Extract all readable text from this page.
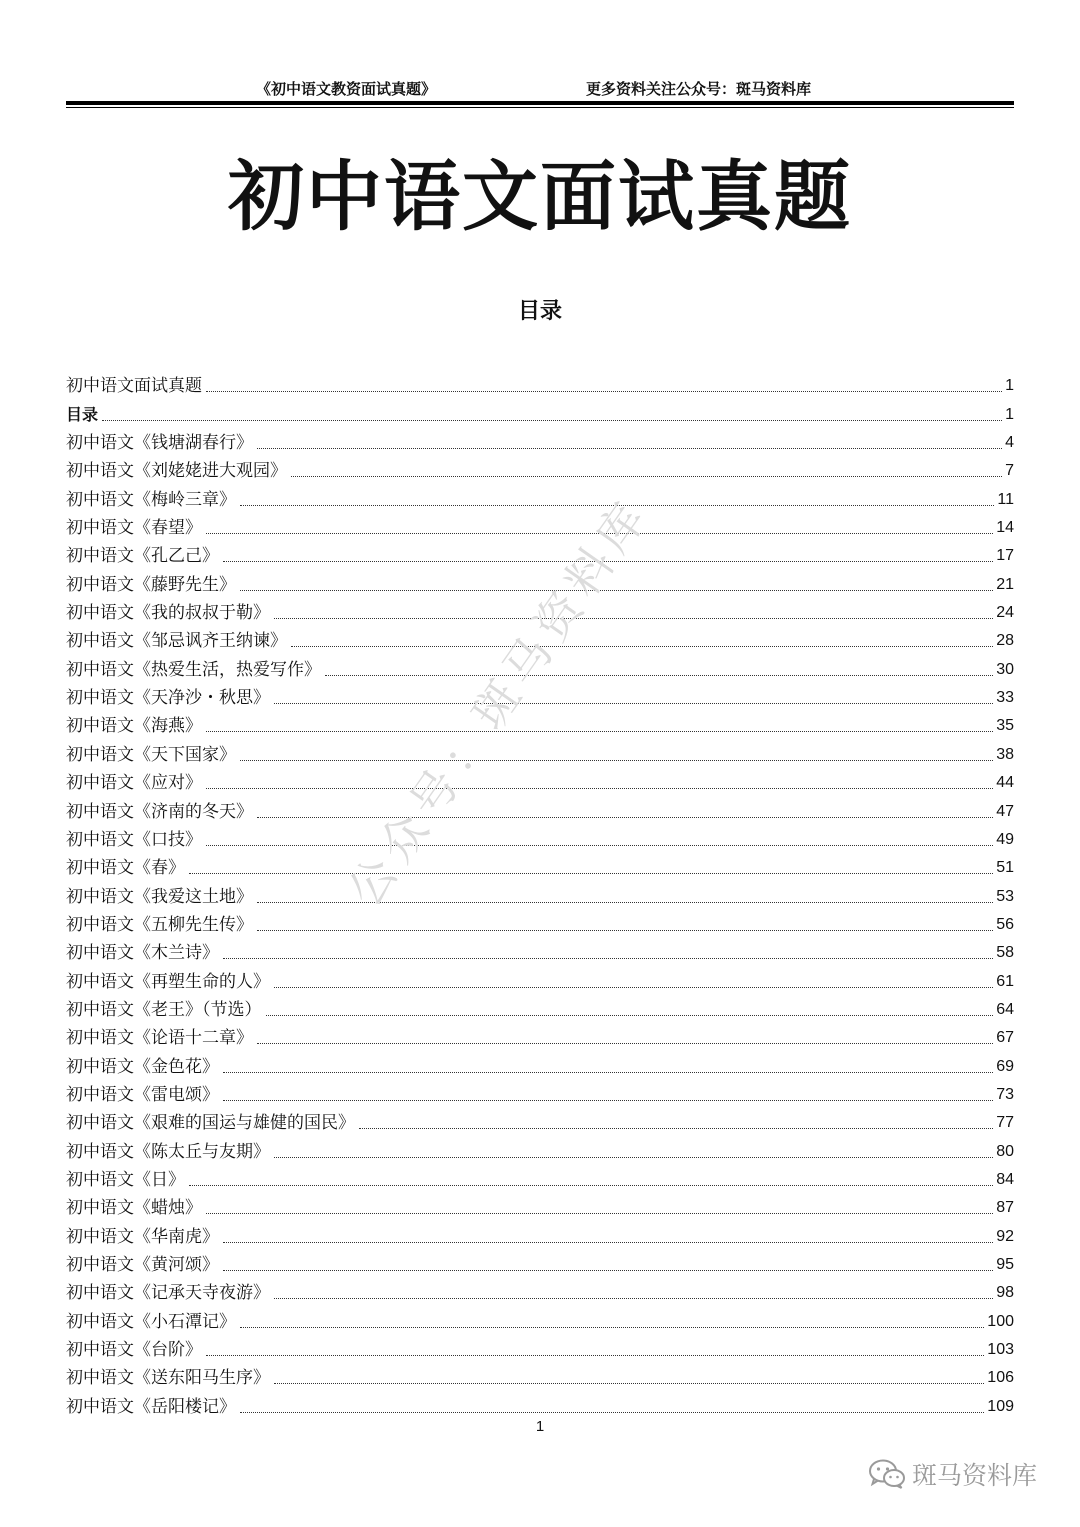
《初中语文教资面试真题》	更多资料关注公众号：斑马资料库
初中语文面试真题
目录
初中语文面试真题	1
目录	1
初中语文《钱塘湖春行》	4
初中语文《刘姥姥进大观园》	7
初中语文《梅岭三章》	11
初中语文《春望》	14
初中语文《孔乙己》	17
初中语文《藤野先生》	21
初中语文《我的叔叔于勒》	24
初中语文《邹忌讽齐王纳谏》	28
初中语文《热爱生活，热爱写作》	30
初中语文《天净沙・秋思》	33
初中语文《海燕》	35
初中语文《天下国家》	38
初中语文《应对》	44
初中语文《济南的冬天》	47
初中语文《口技》	49
初中语文《春》	51
初中语文《我爱这土地》	53
初中语文《五柳先生传》	56
初中语文《木兰诗》	58
初中语文《再塑生命的人》	61
初中语文《老王》（节选）	64
初中语文《论语十二章》	67
初中语文《金色花》	69
初中语文《雷电颂》	73
初中语文《艰难的国运与雄健的国民》	77
初中语文《陈太丘与友期》	80
初中语文《日》	84
初中语文《蜡烛》	87
初中语文《华南虎》	92
初中语文《黄河颂》	95
初中语文《记承天寺夜游》	98
初中语文《小石潭记》	100
初中语文《台阶》	103
初中语文《送东阳马生序》	106
初中语文《岳阳楼记》	109
公众号：斑马资料库
1
斑马资料库
